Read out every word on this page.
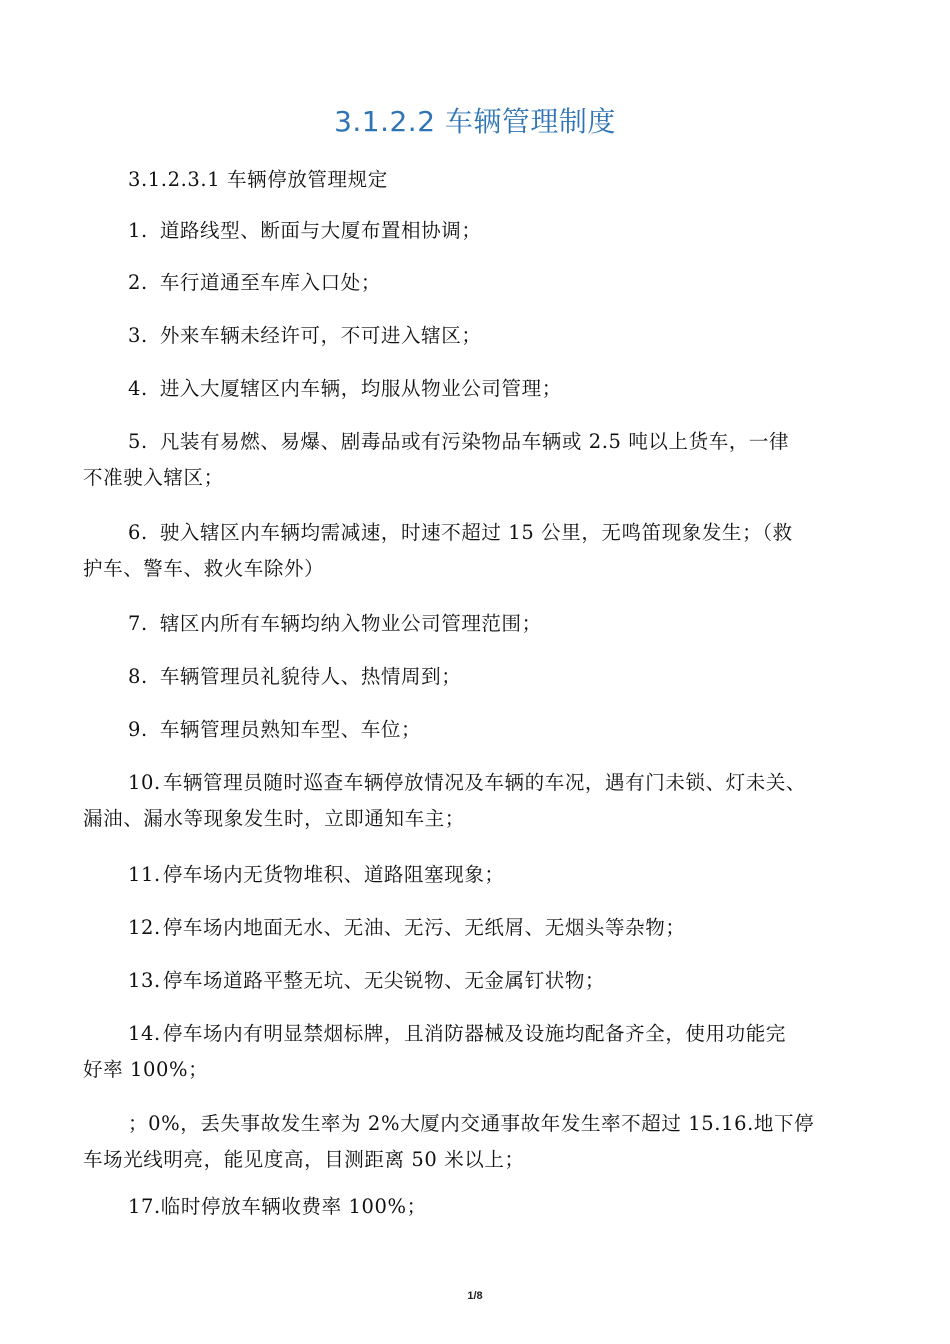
3.1.2.2 车辆管理制度
3.1.2.3.1 车辆停放管理规定
1. 道路线型、断面与大厦布置相协调；
2. 车行道通至车库入口处；
3. 外来车辆未经许可，不可进入辖区；
4. 进入大厦辖区内车辆，均服从物业公司管理；
5. 凡装有易燃、易爆、剧毒品或有污染物品车辆或 2.5 吨以上货车，一律
不准驶入辖区；
6. 驶入辖区内车辆均需减速，时速不超过 15 公里，无鸣笛现象发生；（救
护车、警车、救火车除外）
7. 辖区内所有车辆均纳入物业公司管理范围；
8. 车辆管理员礼貌待人、热情周到；
9. 车辆管理员熟知车型、车位；
10. 车辆管理员随时巡查车辆停放情况及车辆的车况，遇有门未锁、灯未关、
漏油、漏水等现象发生时，立即通知车主；
11. 停车场内无货物堆积、道路阻塞现象；
12. 停车场内地面无水、无油、无污、无纸屑、无烟头等杂物；
13. 停车场道路平整无坑、无尖锐物、无金属钉状物；
14. 停车场内有明显禁烟标牌，且消防器械及设施均配备齐全，使用功能完
好率 100%；
；0%，丢失事故发生率为 2%大厦内交通事故年发生率不超过 15.16.地下停
车场光线明亮，能见度高，目测距离 50 米以上；
17.临时停放车辆收费率 100%；
1/8
